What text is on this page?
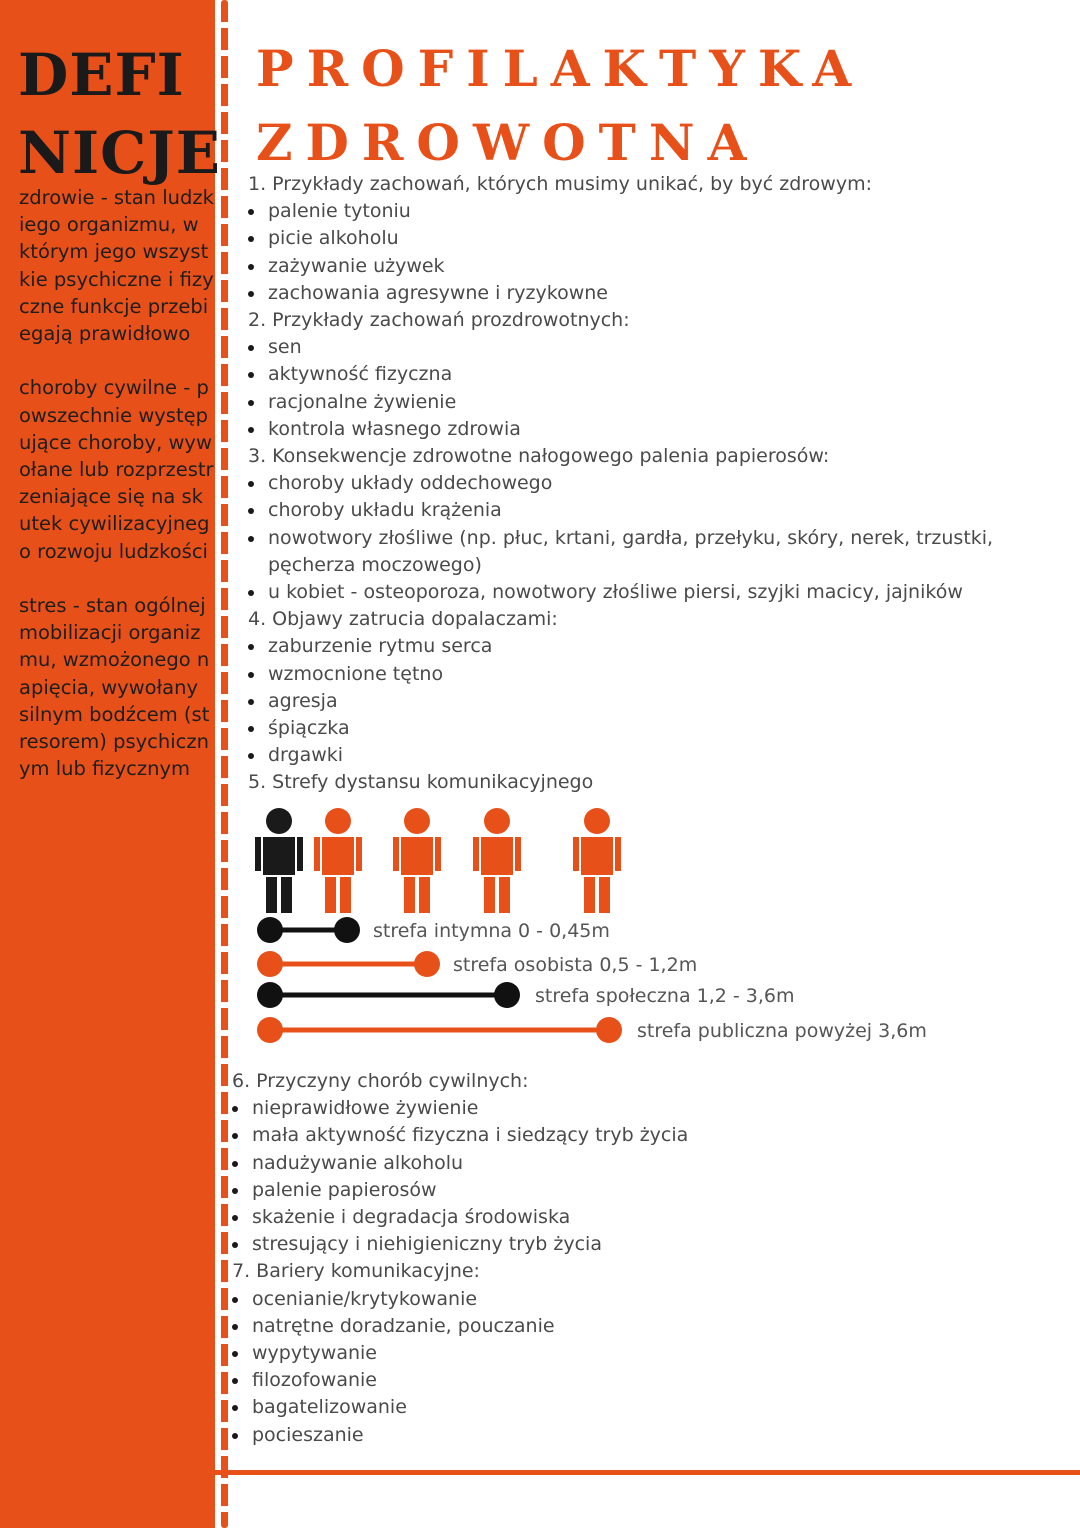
DEFI
NICJE

zdrowie - stan ludzkiego organizmu, w którym jego wszystkie psychiczne i fizyczne funkcje przebiegają prawidłowo

choroby cywilne - powszechnie występujące choroby, wywołane lub rozprzestrzeniające się na skutek cywilizacyjnego rozwoju ludzkości

stres - stan ogólnej mobilizacji organizmu, wzmożonego napięcia, wywołany silnym bodźcem (stresorem) psychicznym lub fizycznym

PROFILAKTYKA
ZDROWOTNA

1. Przykłady zachowań, których musimy unikać, by być zdrowym:

palenie tytoniu
picie alkoholu
zażywanie używek
zachowania agresywne i ryzykowne

2. Przykłady zachowań prozdrowotnych:

sen
aktywność fizyczna
racjonalne żywienie
kontrola własnego zdrowia

3. Konsekwencje zdrowotne nałogowego palenia papierosów:

choroby układy oddechowego
choroby układu krążenia
nowotwory złośliwe (np. płuc, krtani, gardła, przełyku, skóry, nerek, trzustki, pęcherza moczowego)
u kobiet - osteoporoza, nowotwory złośliwe piersi, szyjki macicy, jajników

4. Objawy zatrucia dopalaczami:

zaburzenie rytmu serca
wzmocnione tętno
agresja
śpiączka
drgawki

5. Strefy dystansu komunikacyjnego

strefa intymna 0 - 0,45m
strefa osobista 0,5 - 1,2m
strefa społeczna 1,2 - 3,6m
strefa publiczna powyżej 3,6m

6. Przyczyny chorób cywilnych:

nieprawidłowe żywienie
mała aktywność fizyczna i siedzący tryb życia
nadużywanie alkoholu
palenie papierosów
skażenie i degradacja środowiska
stresujący i niehigieniczny tryb życia

7. Bariery komunikacyjne:

ocenianie/krytykowanie
natrętne doradzanie, pouczanie
wypytywanie
filozofowanie
bagatelizowanie
pocieszanie
